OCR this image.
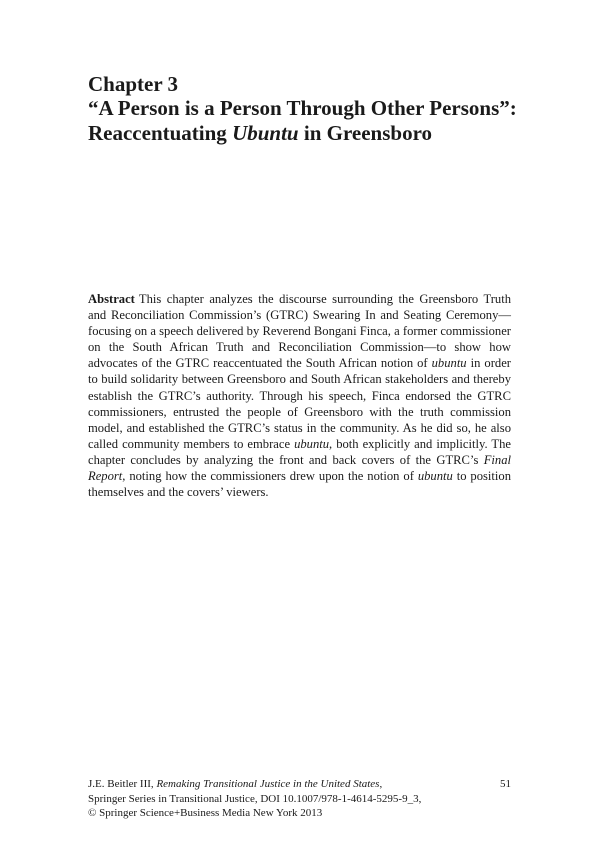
Chapter 3

“A Person is a Person Through Other Persons”:
Reaccentuating Ubuntu in Greensboro

Abstract This chapter analyzes the discourse surrounding the Greensboro Truth and Reconciliation Commission’s (GTRC) Swearing In and Seating Ceremony—focusing on a speech delivered by Reverend Bongani Finca, a former commissioner on the South African Truth and Reconciliation Commission—to show how advocates of the GTRC reaccentuated the South African notion of ubuntu in order to build solidarity between Greensboro and South African stakeholders and thereby establish the GTRC’s authority. Through his speech, Finca endorsed the GTRC commissioners, entrusted the people of Greensboro with the truth commission model, and established the GTRC’s status in the community. As he did so, he also called community members to embrace ubuntu, both explicitly and implicitly. The chapter concludes by analyzing the front and back covers of the GTRC’s Final Report, noting how the commissioners drew upon the notion of ubuntu to position themselves and the covers’ viewers.

J.E. Beitler III, Remaking Transitional Justice in the United States,
Springer Series in Transitional Justice, DOI 10.1007/978-1-4614-5295-9_3,
© Springer Science+Business Media New York 2013
51
